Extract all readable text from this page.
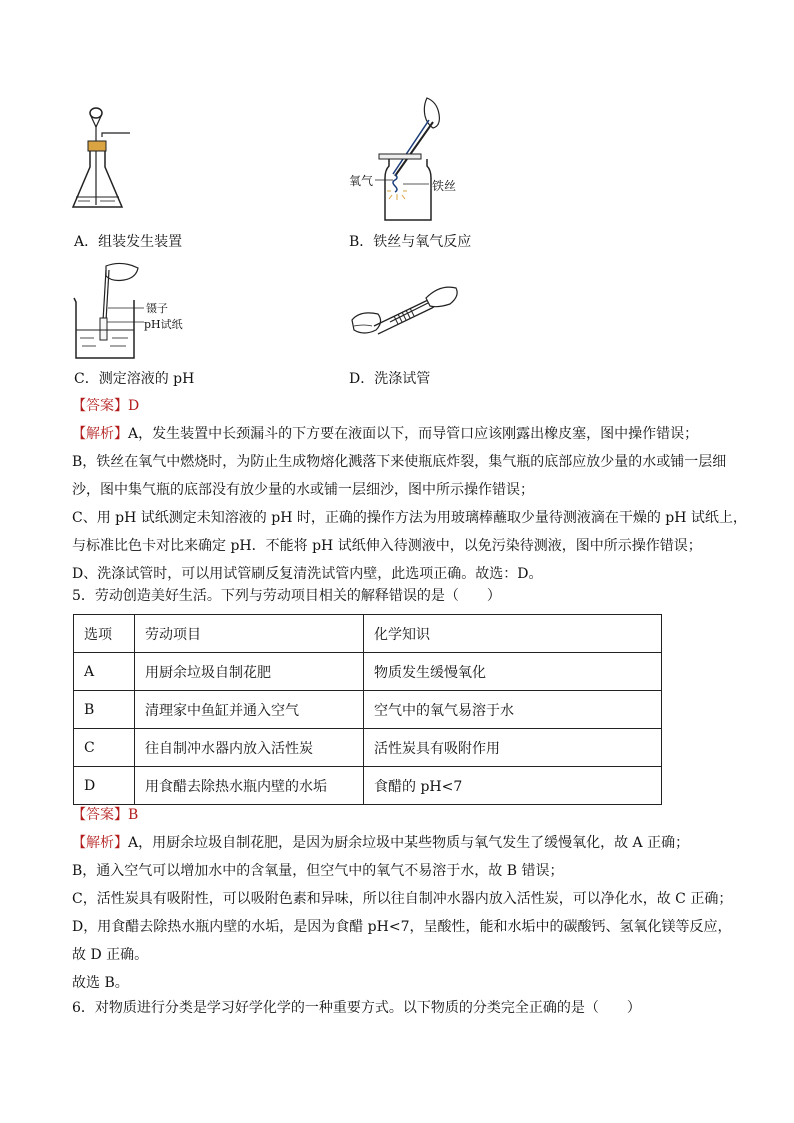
A．组装发生装置
氧气	铁丝
B．铁丝与氧气反应
镊子
pH试纸
C．测定溶液的 pH	D．洗涤试管
【答案】D
【解析】A，发生装置中长颈漏斗的下方要在液面以下，而导管口应该刚露出橡皮塞，图中操作错误；
B，铁丝在氧气中燃烧时，为防止生成物熔化溅落下来使瓶底炸裂，集气瓶的底部应放少量的水或铺一层细
沙，图中集气瓶的底部没有放少量的水或铺一层细沙，图中所示操作错误；
C、用 pH 试纸测定未知溶液的 pH 时，正确的操作方法为用玻璃棒蘸取少量待测液滴在干燥的 pH 试纸上，
与标准比色卡对比来确定 pH．不能将 pH 试纸伸入待测液中，以免污染待测液，图中所示操作错误；
D、洗涤试管时，可以用试管刷反复清洗试管内壁，此选项正确。故选：D。
5．劳动创造美好生活。下列与劳动项目相关的解释错误的是（　　）
选项	劳动项目	化学知识
A	用厨余垃圾自制花肥	物质发生缓慢氧化
B	清理家中鱼缸并通入空气	空气中的氧气易溶于水
C	往自制冲水器内放入活性炭	活性炭具有吸附作用
D	用食醋去除热水瓶内壁的水垢	食醋的 pH<7
【答案】B
【解析】A，用厨余垃圾自制花肥，是因为厨余垃圾中某些物质与氧气发生了缓慢氧化，故 A 正确；
B，通入空气可以增加水中的含氧量，但空气中的氧气不易溶于水，故 B 错误；
C，活性炭具有吸附性，可以吸附色素和异味，所以往自制冲水器内放入活性炭，可以净化水，故 C 正确；
D，用食醋去除热水瓶内壁的水垢，是因为食醋 pH<7，呈酸性，能和水垢中的碳酸钙、氢氧化镁等反应，
故 D 正确。
故选 B。
6．对物质进行分类是学习好学化学的一种重要方式。以下物质的分类完全正确的是（　　）
